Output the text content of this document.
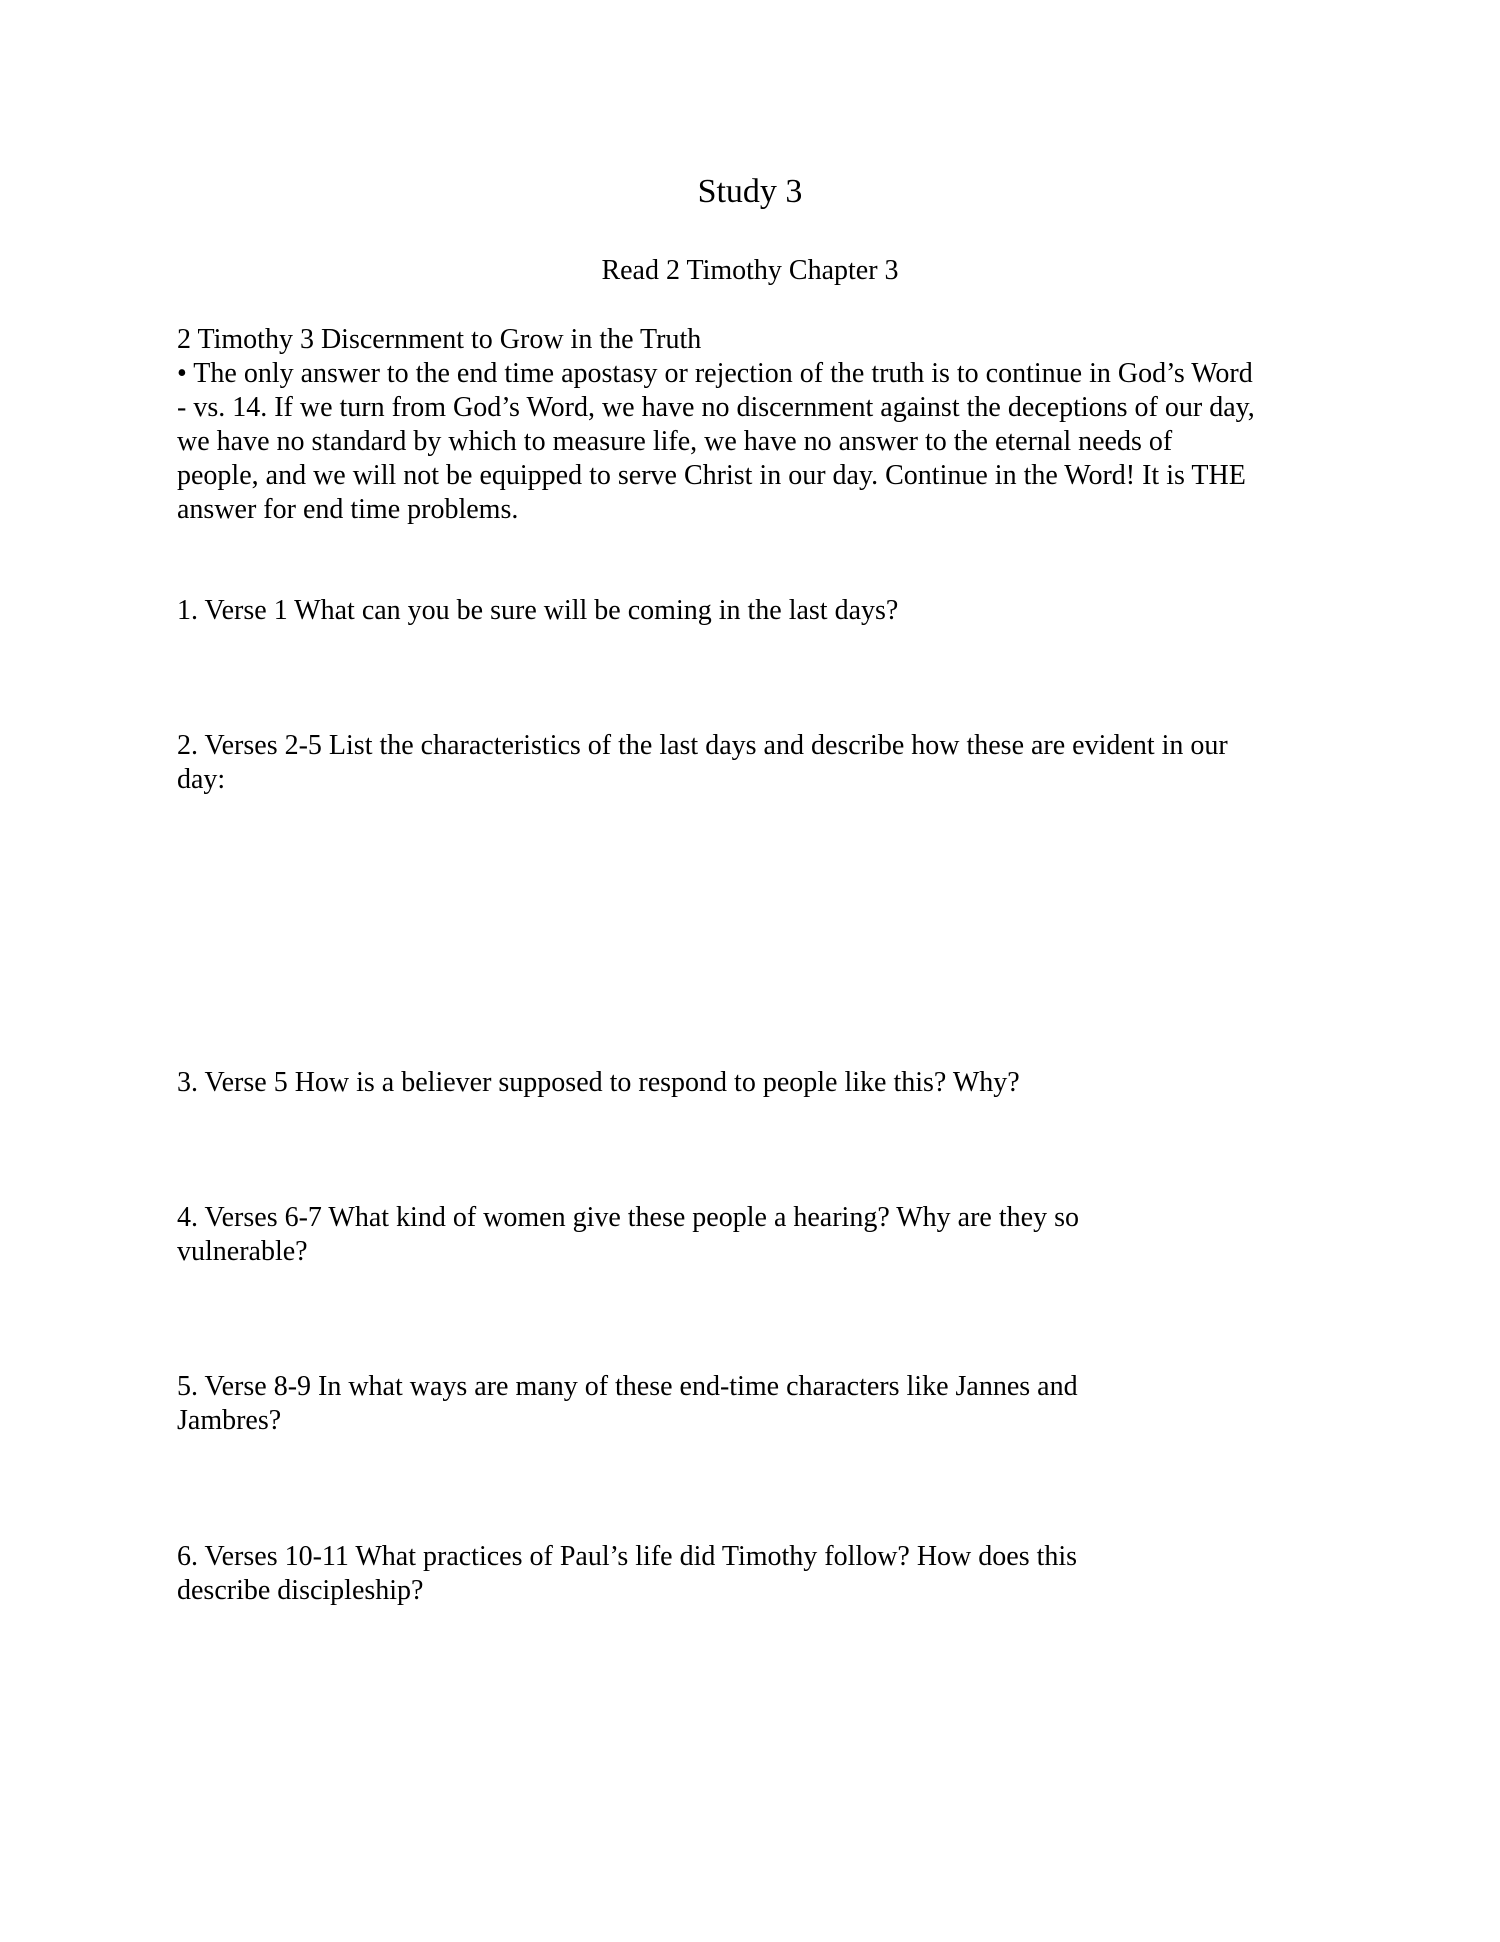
Study 3
Read 2 Timothy Chapter 3

2 Timothy 3 Discernment to Grow in the Truth

• The only answer to the end time apostasy or rejection of the truth is to continue in God’s Word - vs. 14. If we turn from God’s Word, we have no discernment against the deceptions of our day, we have no standard by which to measure life, we have no answer to the eternal needs of people, and we will not be equipped to serve Christ in our day. Continue in the Word! It is THE answer for end time problems.

1. Verse 1 What can you be sure will be coming in the last days?
2. Verses 2-5 List the characteristics of the last days and describe how these are evident in our day:
3. Verse 5 How is a believer supposed to respond to people like this? Why?
4. Verses 6-7 What kind of women give these people a hearing? Why are they so vulnerable?
5. Verse 8-9 In what ways are many of these end-time characters like Jannes and Jambres?
6. Verses 10-11 What practices of Paul’s life did Timothy follow? How does this describe discipleship?
